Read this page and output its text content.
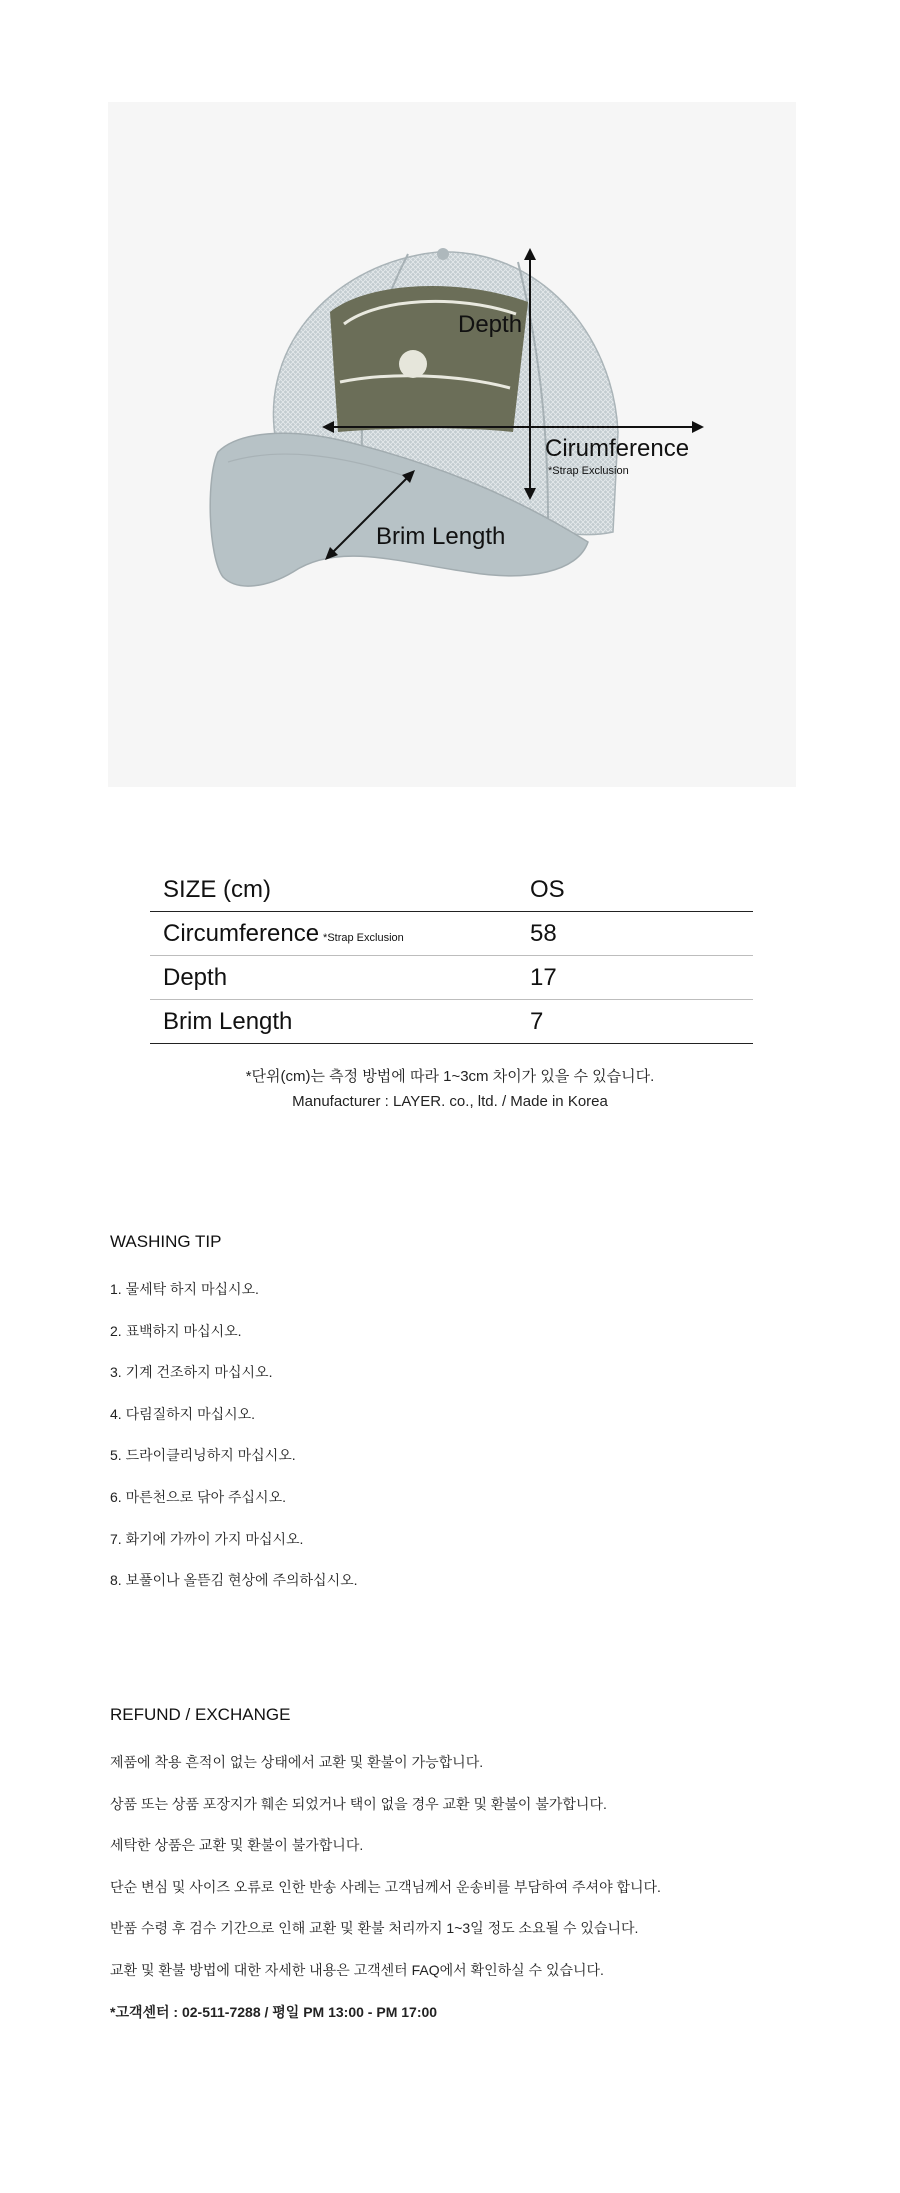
Depth
Cirumference
*Strap Exclusion
Brim Length
SIZE (cm)	OS
Circumference *Strap Exclusion	58
Depth	17
Brim Length	7
*단위(cm)는 측정 방법에 따라 1~3cm 차이가 있을 수 있습니다.
Manufacturer : LAYER. co., ltd. / Made in Korea
WASHING TIP
1. 물세탁 하지 마십시오.
2. 표백하지 마십시오.
3. 기계 건조하지 마십시오.
4. 다림질하지 마십시오.
5. 드라이클리닝하지 마십시오.
6. 마른천으로 닦아 주십시오.
7. 화기에 가까이 가지 마십시오.
8. 보풀이나 올뜯김 현상에 주의하십시오.
REFUND / EXCHANGE
제품에 착용 흔적이 없는 상태에서 교환 및 환불이 가능합니다.
상품 또는 상품 포장지가 훼손 되었거나 택이 없을 경우 교환 및 환불이 불가합니다.
세탁한 상품은 교환 및 환불이 불가합니다.
단순 변심 및 사이즈 오류로 인한 반송 사례는 고객님께서 운송비를 부담하여 주셔야 합니다.
반품 수령 후 검수 기간으로 인해 교환 및 환불 처리까지 1~3일 정도 소요될 수 있습니다.
교환 및 환불 방법에 대한 자세한 내용은 고객센터 FAQ에서 확인하실 수 있습니다.
*고객센터 : 02-511-7288 / 평일 PM 13:00 - PM 17:00
